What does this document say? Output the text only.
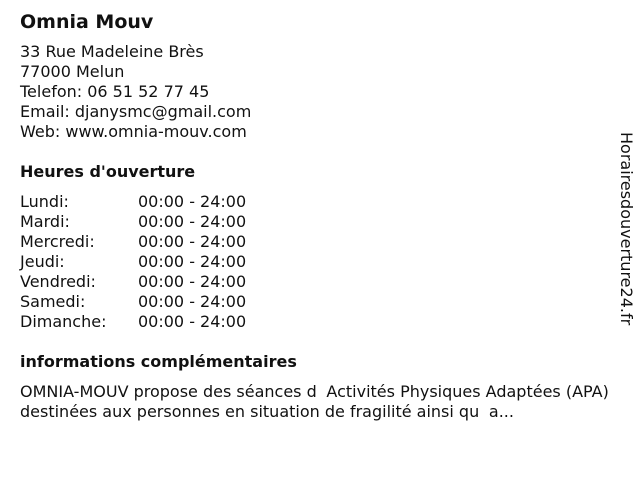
Omnia Mouv
33 Rue Madeleine Brès
77000 Melun
Telefon: 06 51 52 77 45
Email: djanysmc@gmail.com
Web: www.omnia-mouv.com
Heures d'ouverture
Lundi:	00:00 - 24:00
Mardi:	00:00 - 24:00
Mercredi:	00:00 - 24:00
Jeudi:	00:00 - 24:00
Vendredi:	00:00 - 24:00
Samedi:	00:00 - 24:00
Dimanche:	00:00 - 24:00
informations complémentaires
OMNIA-MOUV propose des séances dActivités Physiques Adaptées (APA) destinées aux personnes en situation de fragilité ainsi qua...
Horairesdouverture24.fr
